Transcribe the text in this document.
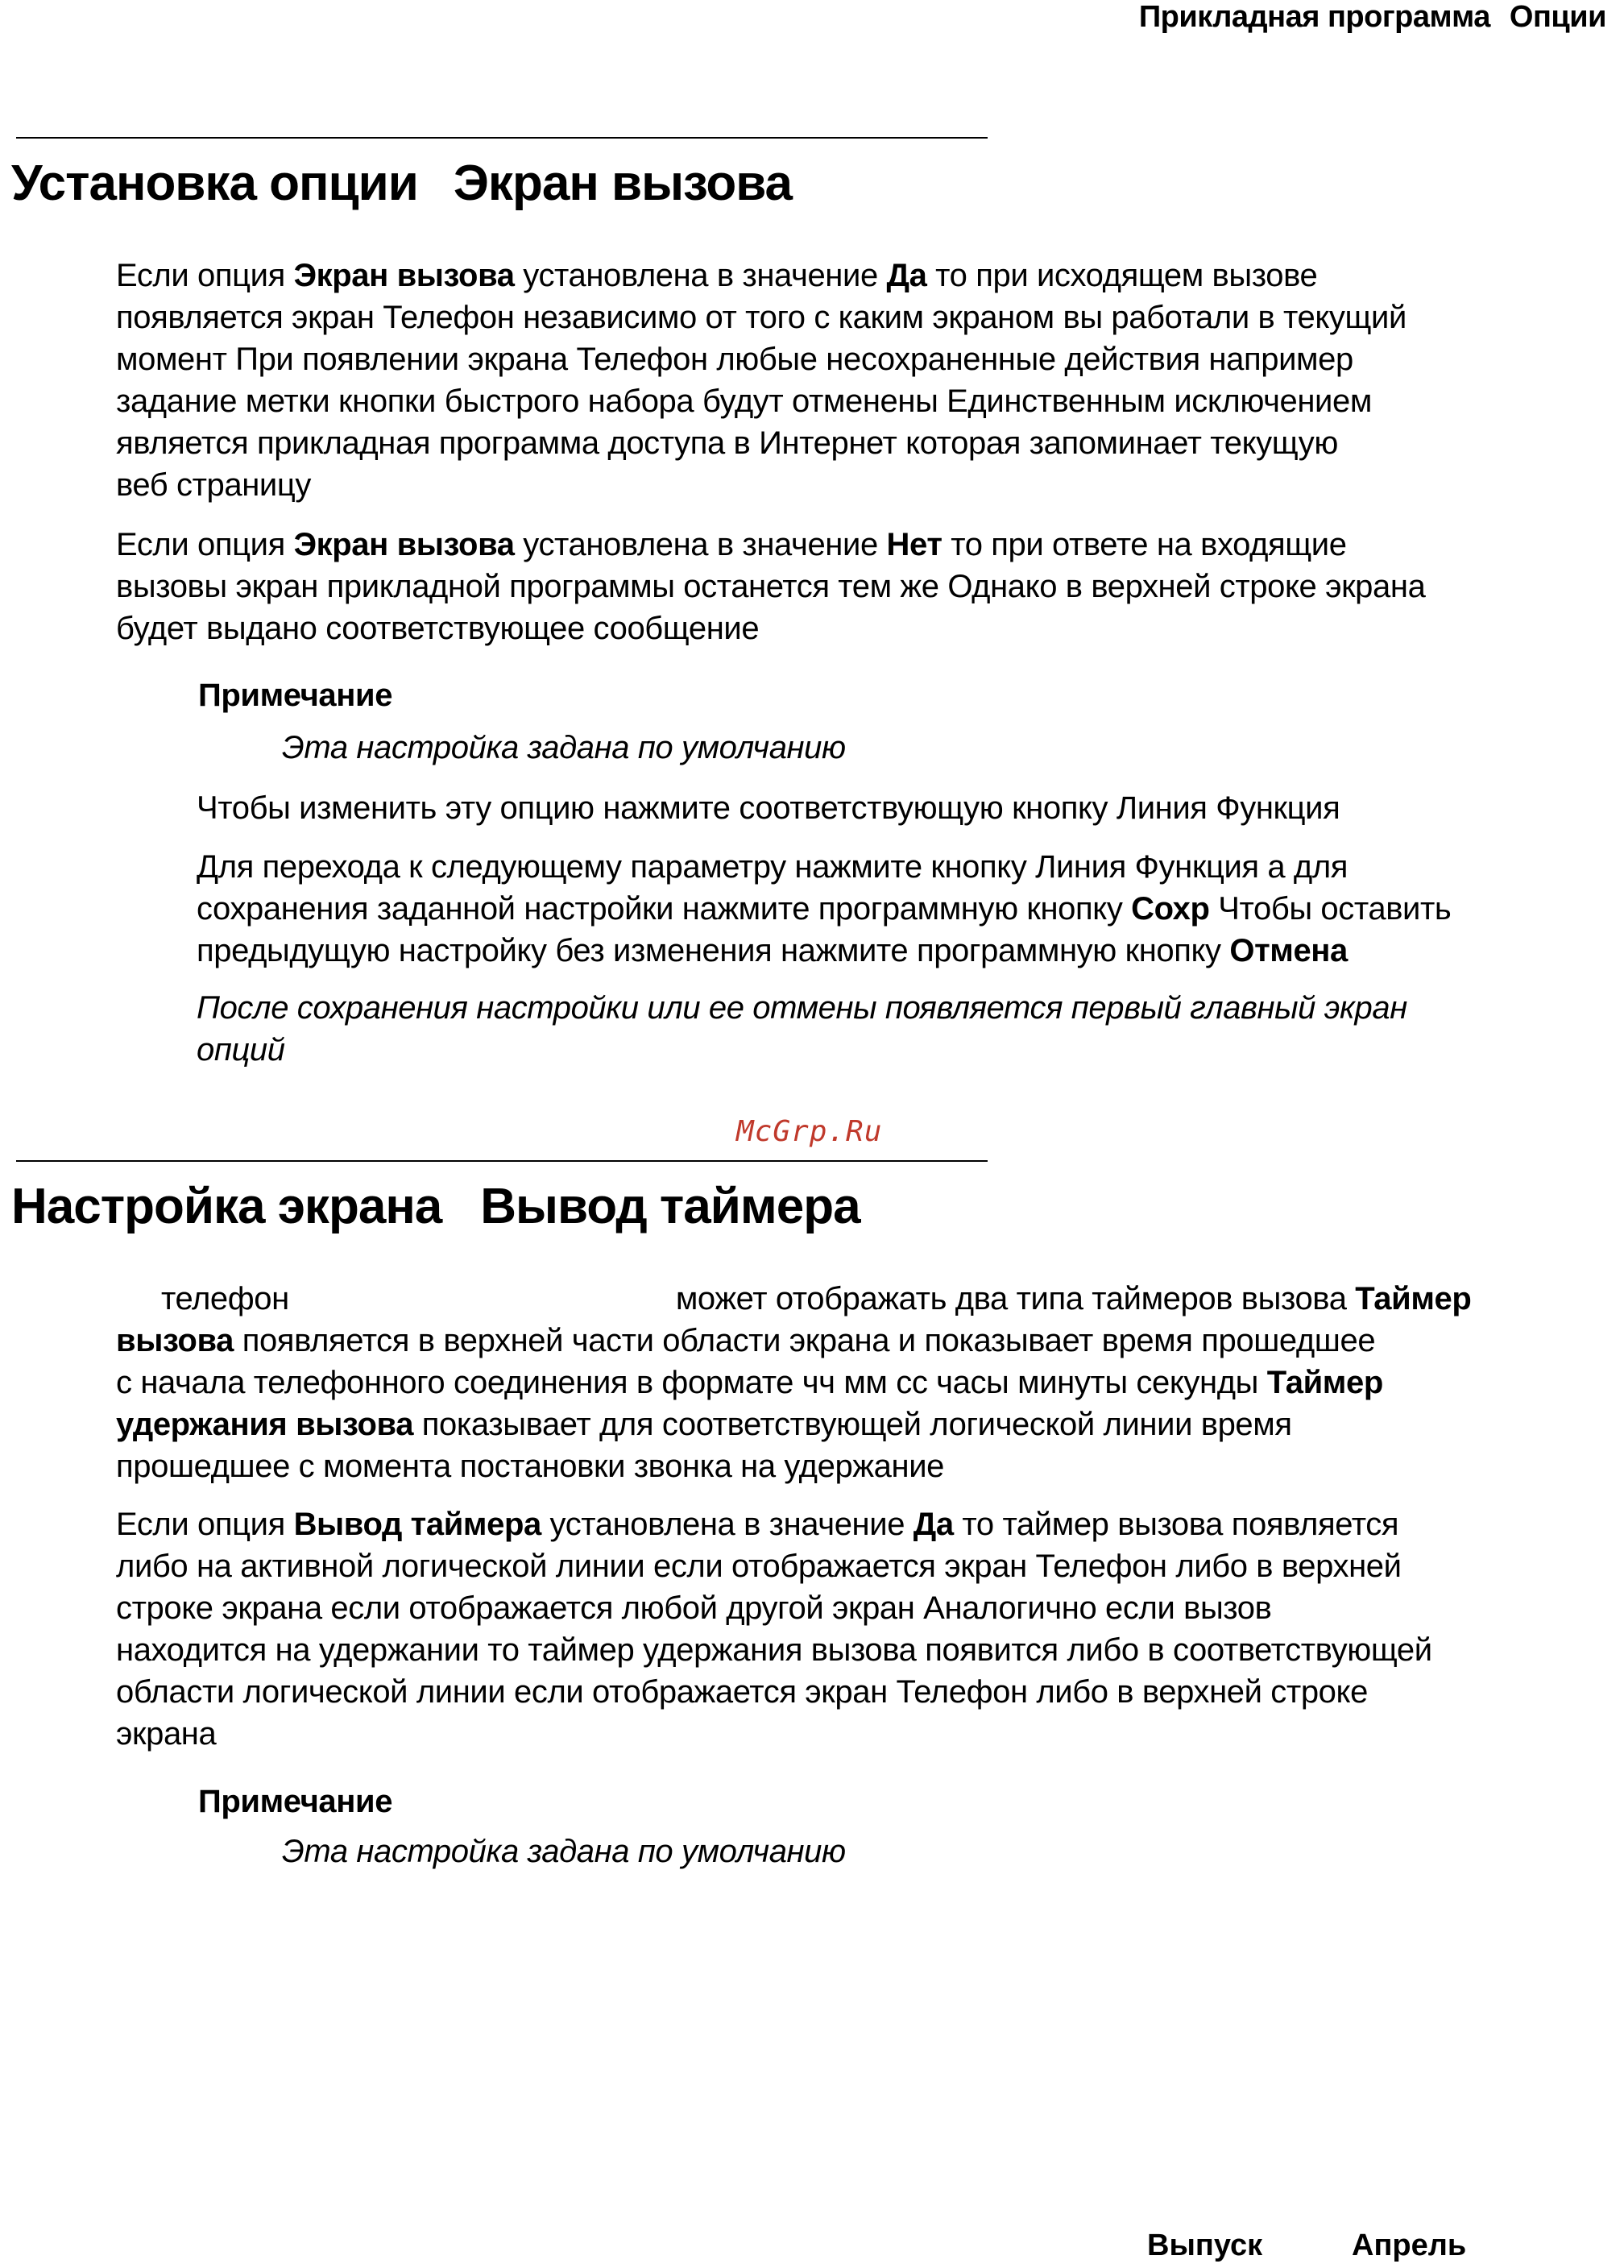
Прикладная программа Опции
Установка опции Экран вызова
Если опция Экран вызова установлена в значение Да то при исходящем вызове
появляется экран Телефон независимо от того с каким экраном вы работали в текущий
момент При появлении экрана Телефон любые несохраненные действия например
задание метки кнопки быстрого набора будут отменены Единственным исключением
является прикладная программа доступа в Интернет которая запоминает текущую
веб страницу
Если опция Экран вызова установлена в значение Нет то при ответе на входящие
вызовы экран прикладной программы останется тем же Однако в верхней строке экрана
будет выдано соответствующее сообщение
Примечание
Эта настройка задана по умолчанию
Чтобы изменить эту опцию нажмите соответствующую кнопку Линия Функция
Для перехода к следующему параметру нажмите кнопку Линия Функция а для
сохранения заданной настройки нажмите программную кнопку Сохр Чтобы оставить
предыдущую настройку без изменения нажмите программную кнопку Отмена
После сохранения настройки или ее отмены появляется первый главный экран
опций
McGrp.Ru
Настройка экрана Вывод таймера
телефон	может отображать два типа таймеров вызова Таймер
вызова появляется в верхней части области экрана и показывает время прошедшее
с начала телефонного соединения в формате чч мм сс часы минуты секунды Таймер
удержания вызова показывает для соответствующей логической линии время
прошедшее с момента постановки звонка на удержание
Если опция Вывод таймера установлена в значение Да то таймер вызова появляется
либо на активной логической линии если отображается экран Телефон либо в верхней
строке экрана если отображается любой другой экран Аналогично если вызов
находится на удержании то таймер удержания вызова появится либо в соответствующей
области логической линии если отображается экран Телефон либо в верхней строке
экрана
Примечание
Эта настройка задана по умолчанию
Выпуск	Апрель
